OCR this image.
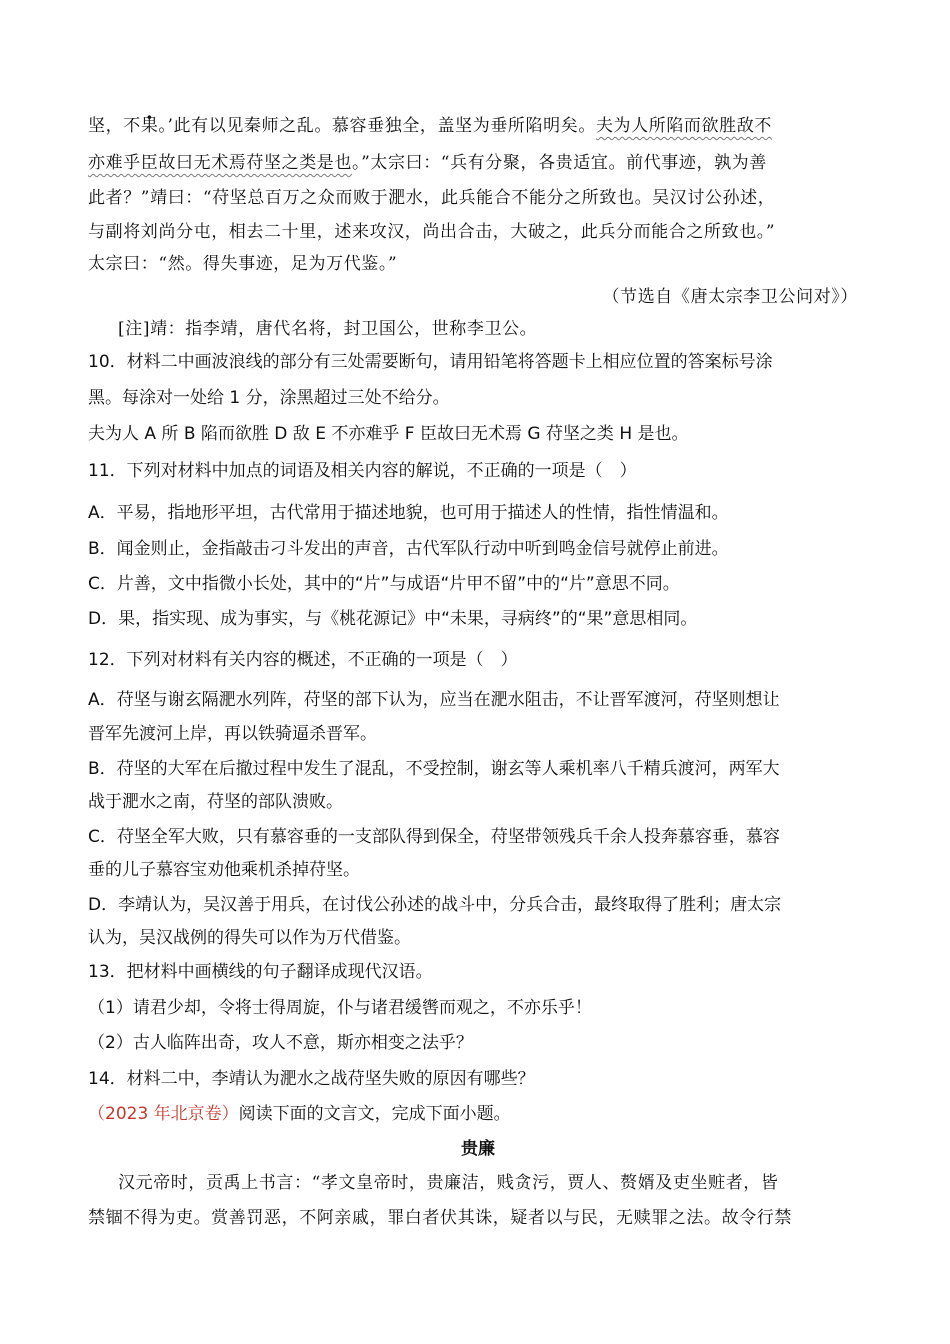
坚，不果。’此有以见秦师之乱。慕容垂独全，盖坚为垂所陷明矣。夫为人所陷而欲胜敌不
亦难乎臣故曰无术焉苻坚之类是也。”太宗曰：“兵有分聚，各贵适宜。前代事迹，孰为善
此者？”靖曰：“苻坚总百万之众而败于淝水，此兵能合不能分之所致也。吴汉讨公孙述，
与副将刘尚分屯，相去二十里，述来攻汉，尚出合击，大破之，此兵分而能合之所致也。”
太宗曰：“然。得失事迹，足为万代鉴。”
（节选自《唐太宗李卫公问对》）
[注]靖：指李靖，唐代名将，封卫国公，世称李卫公。
10．材料二中画波浪线的部分有三处需要断句，请用铅笔将答题卡上相应位置的答案标号涂
黑。每涂对一处给 1 分，涂黑超过三处不给分。
夫为人 A 所 B 陷而欲胜 D 敌 E 不亦难乎 F 臣故曰无术焉 G 苻坚之类 H 是也。
11．下列对材料中加点的词语及相关内容的解说，不正确的一项是（　）
A．平易，指地形平坦，古代常用于描述地貌，也可用于描述人的性情，指性情温和。
B．闻金则止，金指敲击刁斗发出的声音，古代军队行动中听到鸣金信号就停止前进。
C．片善，文中指微小长处，其中的“片”与成语“片甲不留”中的“片”意思不同。
D．果，指实现、成为事实，与《桃花源记》中“未果，寻病终”的“果”意思相同。
12．下列对材料有关内容的概述，不正确的一项是（　）
A．苻坚与谢玄隔淝水列阵，苻坚的部下认为，应当在淝水阻击，不让晋军渡河，苻坚则想让
晋军先渡河上岸，再以铁骑逼杀晋军。
B．苻坚的大军在后撤过程中发生了混乱，不受控制，谢玄等人乘机率八千精兵渡河，两军大
战于淝水之南，苻坚的部队溃败。
C．苻坚全军大败，只有慕容垂的一支部队得到保全，苻坚带领残兵千余人投奔慕容垂，慕容
垂的儿子慕容宝劝他乘机杀掉苻坚。
D．李靖认为，吴汉善于用兵，在讨伐公孙述的战斗中，分兵合击，最终取得了胜利；唐太宗
认为，吴汉战例的得失可以作为万代借鉴。
13．把材料中画横线的句子翻译成现代汉语。
（1）请君少却，令将士得周旋，仆与诸君缓辔而观之，不亦乐乎！
（2）古人临阵出奇，攻人不意，斯亦相变之法乎？
14．材料二中，李靖认为淝水之战苻坚失败的原因有哪些？
（2023 年北京卷）阅读下面的文言文，完成下面小题。
贵廉
汉元帝时，贡禹上书言：“孝文皇帝时，贵廉洁，贱贪污，贾人、赘婿及吏坐赃者，皆
禁锢不得为吏。赏善罚恶，不阿亲戚，罪白者伏其诛，疑者以与民，无赎罪之法。故令行禁
